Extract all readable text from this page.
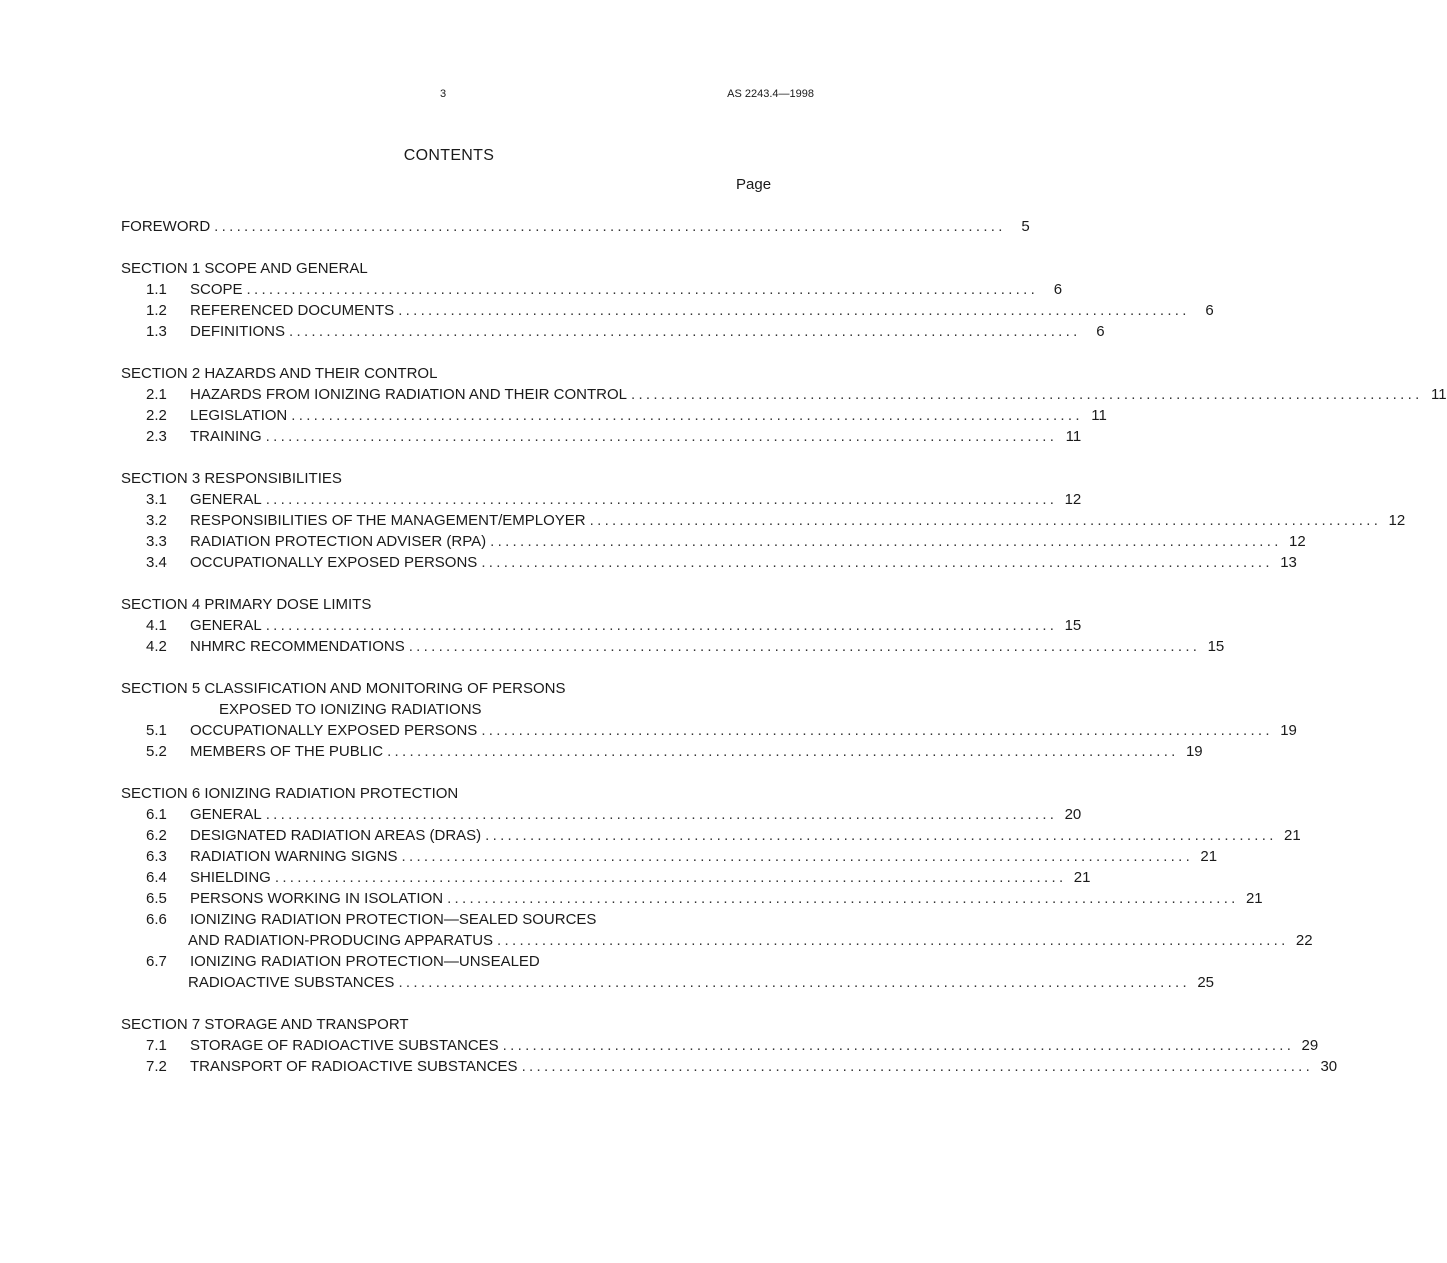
3	AS 2243.4—1998
CONTENTS
Page
FOREWORD ..........................................................................................................	5
SECTION 1 SCOPE AND GENERAL
1.1	SCOPE ..........................................................................................................	6
1.2	REFERENCED DOCUMENTS ..........................................................................................................	6
1.3	DEFINITIONS ..........................................................................................................	6
SECTION 2 HAZARDS AND THEIR CONTROL
2.1	HAZARDS FROM IONIZING RADIATION AND THEIR CONTROL .......................................................................................................... 11
2.2	LEGISLATION .......................................................................................................... 11
2.3	TRAINING .......................................................................................................... 11
SECTION 3 RESPONSIBILITIES
3.1	GENERAL .......................................................................................................... 12
3.2	RESPONSIBILITIES OF THE MANAGEMENT/EMPLOYER .......................................................................................................... 12
3.3	RADIATION PROTECTION ADVISER (RPA) .......................................................................................................... 12
3.4	OCCUPATIONALLY EXPOSED PERSONS .......................................................................................................... 13
SECTION 4 PRIMARY DOSE LIMITS
4.1	GENERAL .......................................................................................................... 15
4.2	NHMRC RECOMMENDATIONS .......................................................................................................... 15
SECTION 5 CLASSIFICATION AND MONITORING OF PERSONS
EXPOSED TO IONIZING RADIATIONS
5.1	OCCUPATIONALLY EXPOSED PERSONS .......................................................................................................... 19
5.2	MEMBERS OF THE PUBLIC .......................................................................................................... 19
SECTION 6 IONIZING RADIATION PROTECTION
6.1	GENERAL .......................................................................................................... 20
6.2	DESIGNATED RADIATION AREAS (DRAS) .......................................................................................................... 21
6.3	RADIATION WARNING SIGNS .......................................................................................................... 21
6.4	SHIELDING .......................................................................................................... 21
6.5	PERSONS WORKING IN ISOLATION .......................................................................................................... 21
6.6 IONIZING RADIATION PROTECTION—SEALED SOURCES
AND RADIATION-PRODUCING APPARATUS .......................................................................................................... 22
6.7 IONIZING RADIATION PROTECTION—UNSEALED
RADIOACTIVE SUBSTANCES .......................................................................................................... 25
SECTION 7 STORAGE AND TRANSPORT
7.1	STORAGE OF RADIOACTIVE SUBSTANCES .......................................................................................................... 29
7.2	TRANSPORT OF RADIOACTIVE SUBSTANCES .......................................................................................................... 30
